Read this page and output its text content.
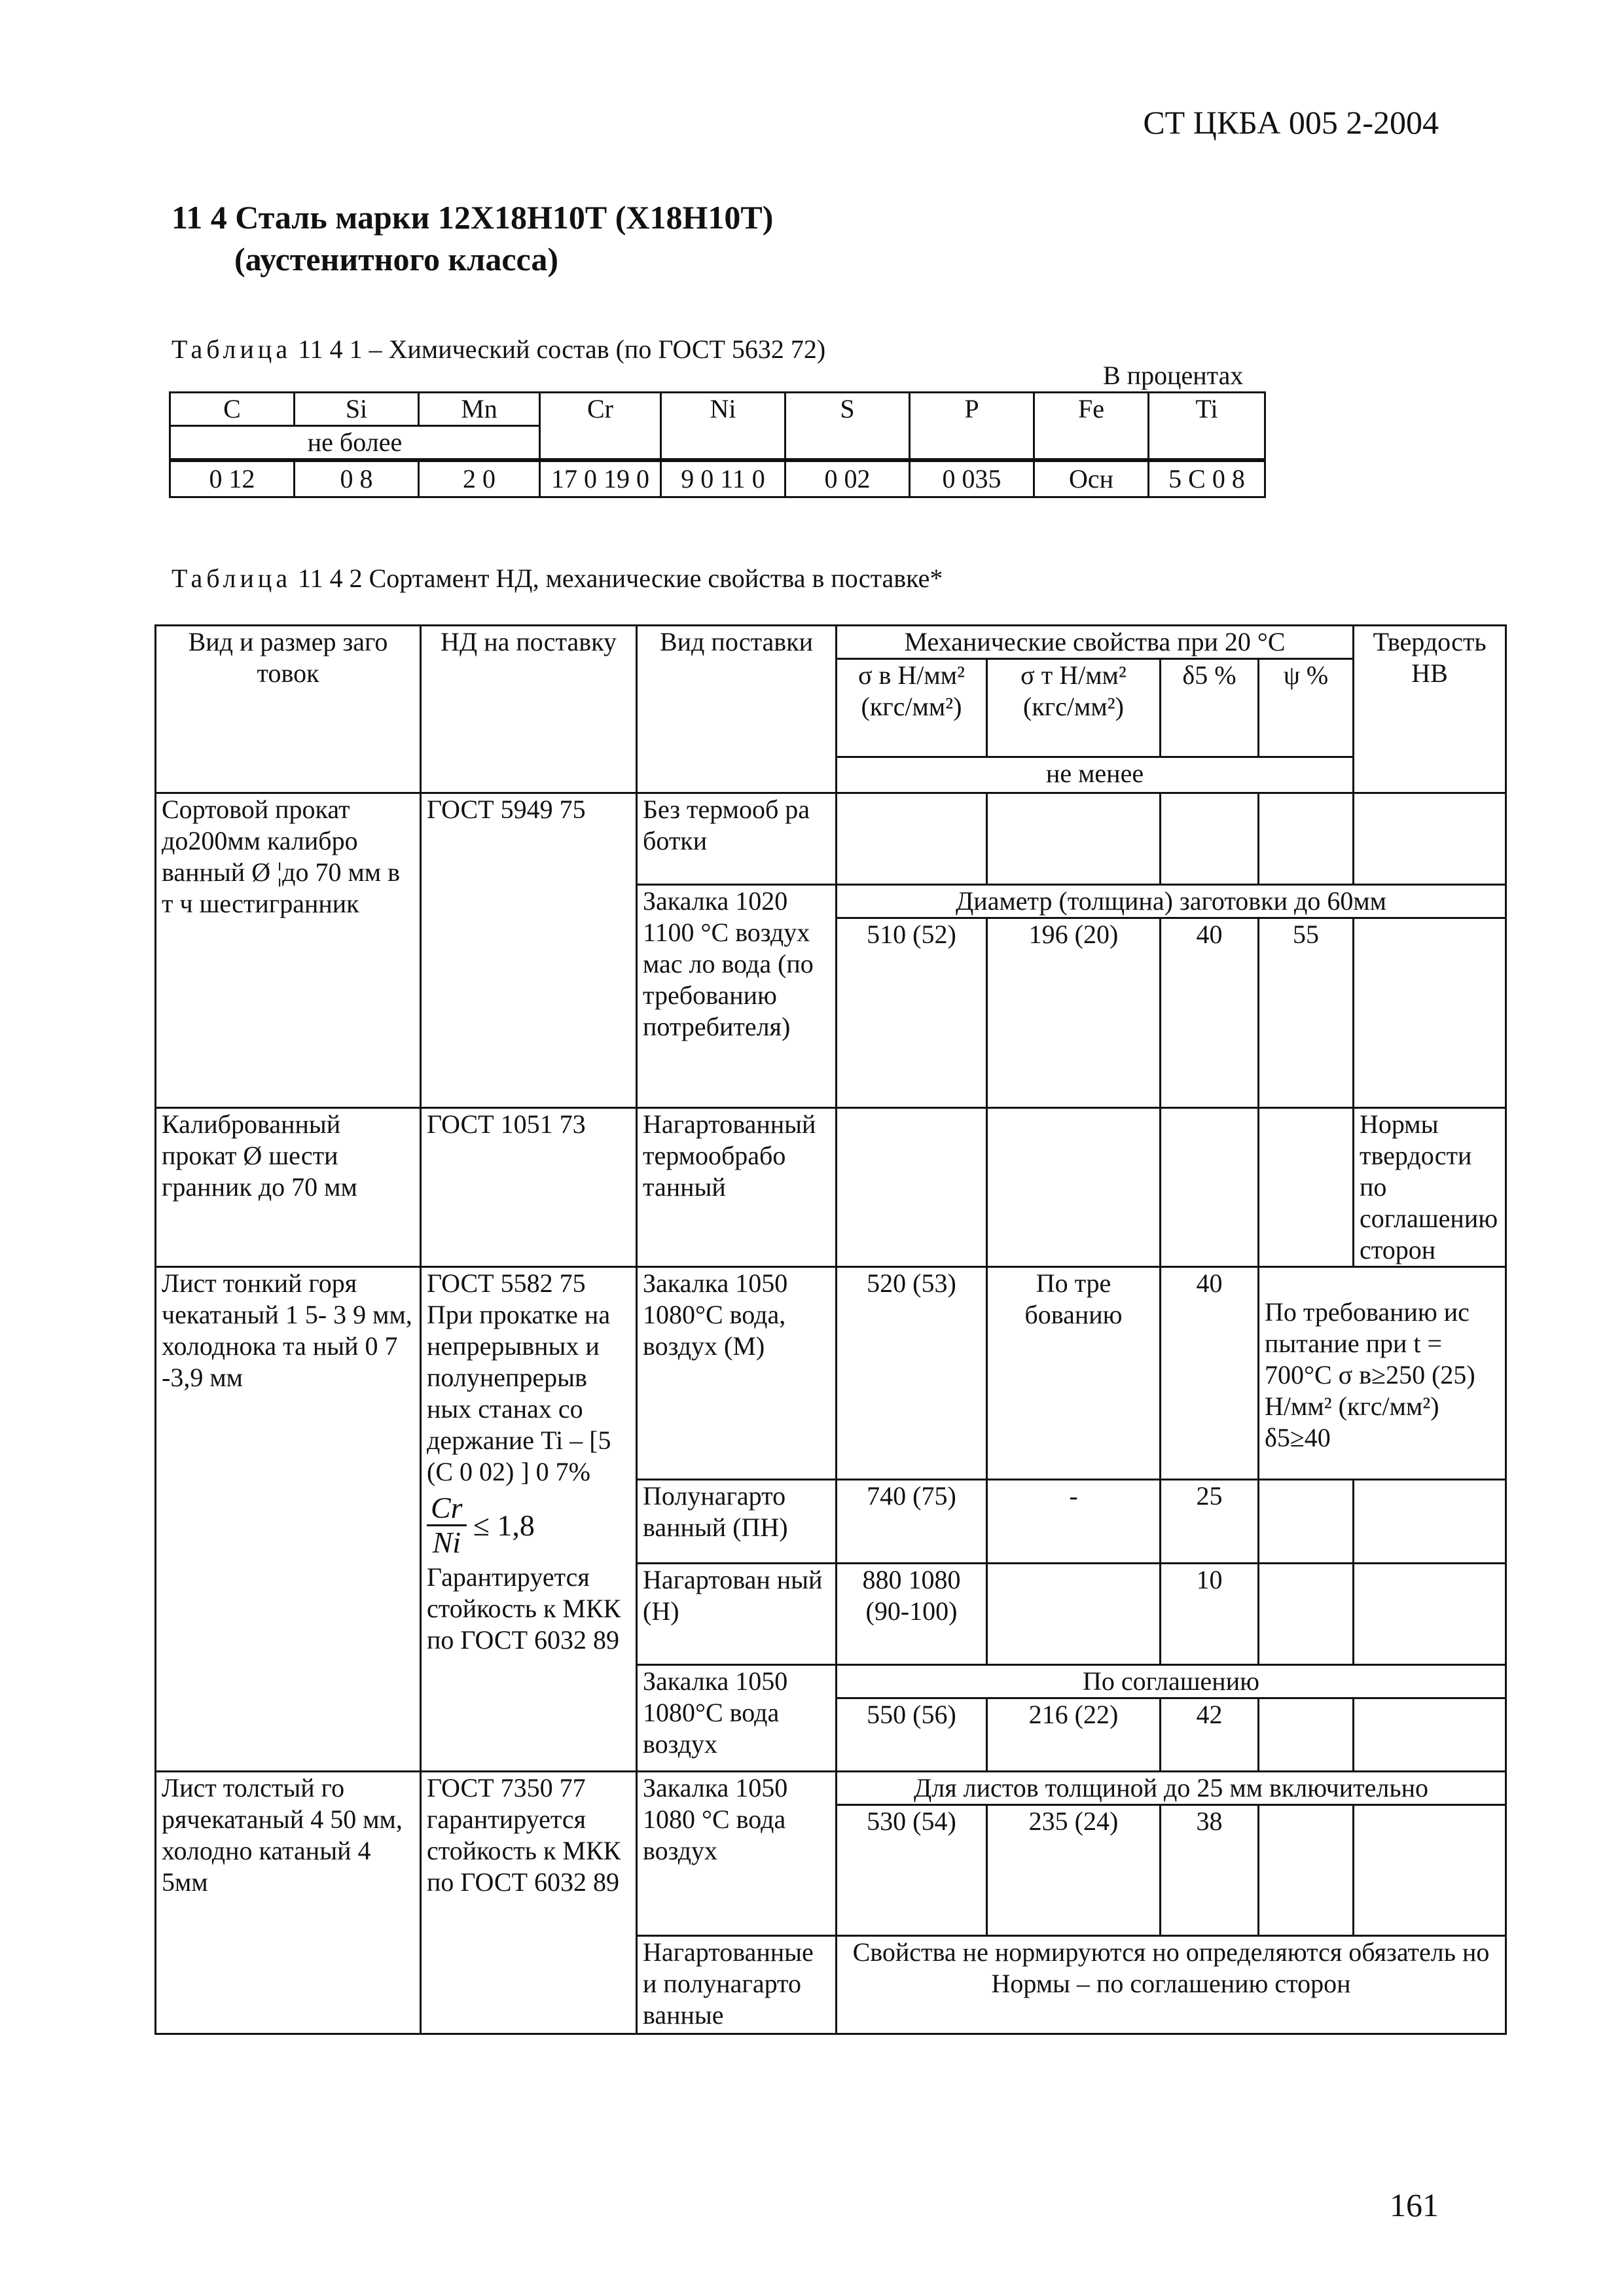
СТ ЦКБА 005 2-2004
11 4 Сталь марки 12Х18Н10Т (Х18Н10Т)
(аустенитного класса)
Таблица 11 4 1 – Химический состав (по ГОСТ 5632 72)
В процентах
C	Si	Mn	Cr	Ni	S	P	Fe	Ti
не более								
0 12	0 8	2 0	17 0 19 0	9 0 11 0	0 02	0 035	Осн	5 C 0 8
Таблица 11 4 2 Сортамент НД, механические свойства в поставке*
Вид и размер заго товок	НД на поставку	Вид поставки	Механические свойства при 20 °С				Твердость НВ
			σ в Н/мм² (кгс/мм²)	σ т Н/мм² (кгс/мм²)	δ5 %	ψ %	
			не менее				
Сортовой прокат до200мм калибро ванный Ø ¦до 70 мм в т ч шестигранник	ГОСТ 5949 75	Без термооб ра ботки					
		Закалка 1020 1100 °С воздух мас ло вода (по требованию потребителя)	Диаметр (толщина) заготовки до 60мм				
			510 (52)	196 (20)	40	55	
Калиброванный прокат Ø шести гранник до 70 мм	ГОСТ 1051 73	Нагартованный термообрабо танный					Нормы твердости по соглашению сторон
Лист тонкий горя чекатаный 1 5- 3 9 мм, холоднока та ный 0 7 -3,9 мм	ГОСТ 5582 75 При прокатке на непрерывных и полунепрерыв ных станах со держание Ti – [5 (C 0 02) ] 0 7%
$\frac{Cr}{Ni} \le 1,8$
Гарантируется стойкость к МКК по ГОСТ 6032 89	Закалка 1050 1080°С вода, воздух (М)	520 (53)	По тре бованию	40	По требованию ис пытание при t = 700°С σ в≥250 (25) Н/мм² (кгс/мм²) δ5≥40	
		Полунагарто ванный (ПН)	740 (75)	-	25		
		Нагартован ный (Н)	880 1080 (90-100)		10		
		Закалка 1050 1080°С вода воздух	По соглашению				
			550 (56)	216 (22)	42		
Лист толстый го рячекатаный 4 50 мм, холодно катаный 4 5мм	ГОСТ 7350 77 гарантируется стойкость к МКК по ГОСТ 6032 89	Закалка 1050 1080 °С вода воздух	Для листов толщиной до 25 мм включительно				
			530 (54)	235 (24)	38		
		Нагартованные и полунагарто ванные	Свойства не нормируются но определяются обязатель но Нормы – по соглашению сторон				
161
